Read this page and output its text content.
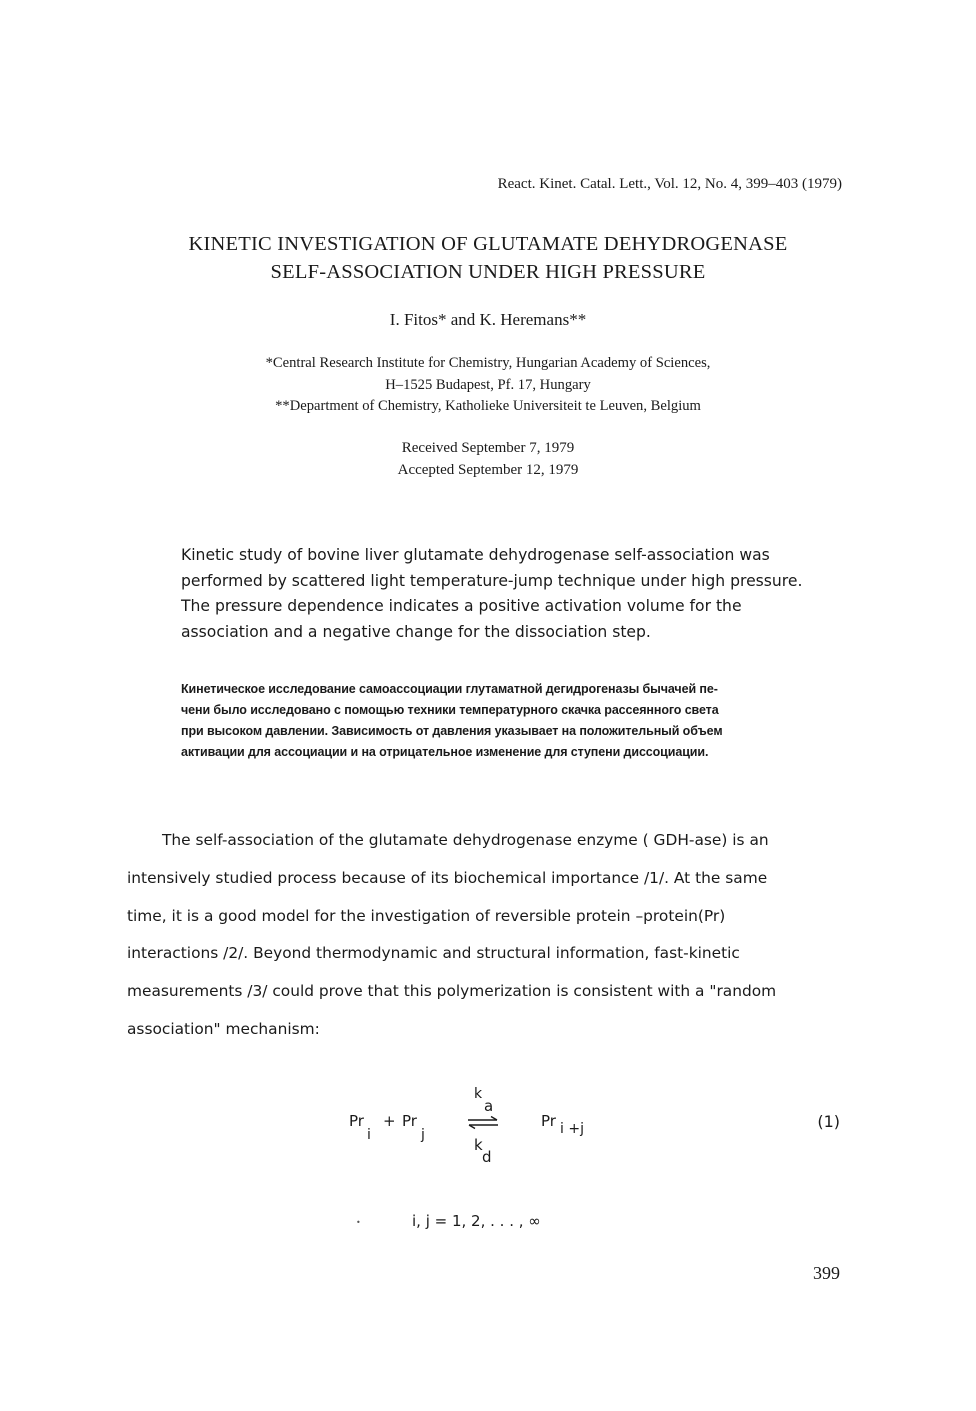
React. Kinet. Catal. Lett., Vol. 12, No. 4, 399–403 (1979)
KINETIC INVESTIGATION OF GLUTAMATE DEHYDROGENASE
SELF-ASSOCIATION UNDER HIGH PRESSURE
I. Fitos* and K. Heremans**
*Central Research Institute for Chemistry, Hungarian Academy of Sciences,
H–1525 Budapest, Pf. 17, Hungary
**Department of Chemistry, Katholieke Universiteit te Leuven, Belgium
Received September 7, 1979
Accepted September 12, 1979
Kinetic study of bovine liver glutamate dehydrogenase self-association was
performed by scattered light temperature-jump technique under high pressure.
The pressure dependence indicates a positive activation volume for the
association and a negative change for the dissociation step.
Кинетическое исследование самоассоциации глутаматной дегидрогеназы бычачей пе-
чени было исследовано с помощью техники температурного скачка рассеянного света
при высоком давлении. Зависимость от давления указывает на положительный объем
активации для ассоциации и на отрицательное изменение для ступени диссоциации.
The self-association of the glutamate dehydrogenase enzyme ( GDH-ase) is an
intensively studied process because of its biochemical importance /1/. At the same
time, it is a good model for the investigation of reversible protein –protein(Pr)
interactions /2/. Beyond thermodynamic and structural information, fast-kinetic
measurements /3/ could prove that this polymerization is consistent with a "random
association" mechanism:
Pr
i
+ Pr
j
k
a
k
d
Pr i +j	(1)
•	i, j = 1, 2, . . . , ∞
399
